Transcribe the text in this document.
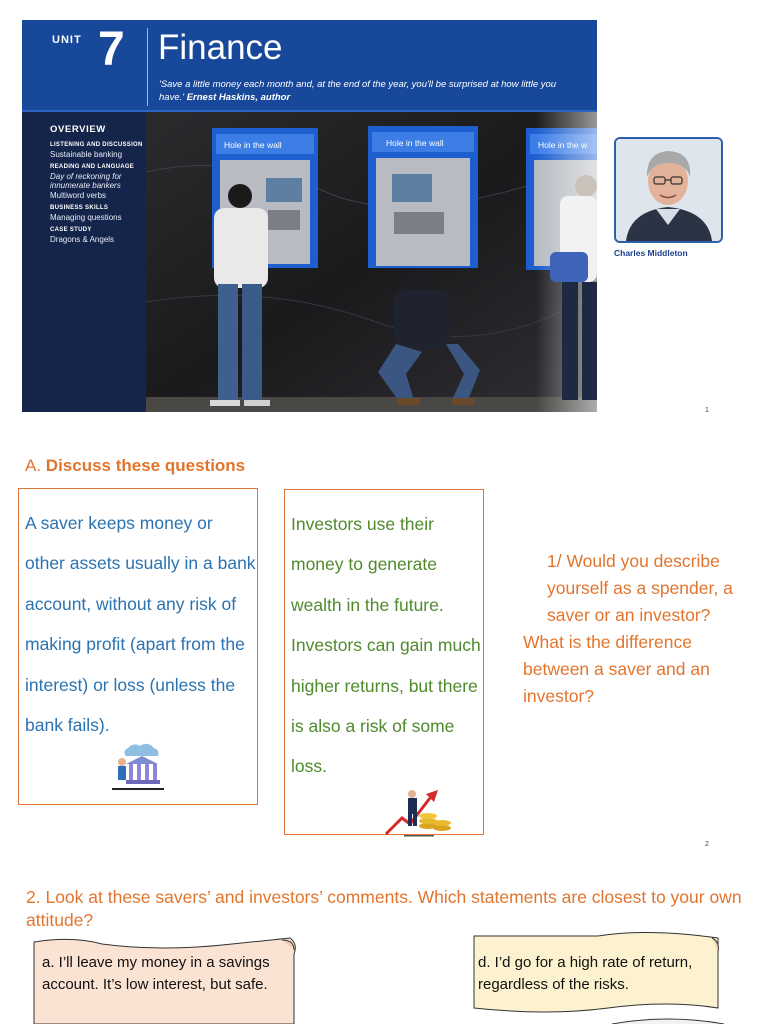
UNIT 7 Finance
'Save a little money each month and, at the end of the year, you'll be surprised at how little you have.' Ernest Haskins, author
OVERVIEW
LISTENING AND DISCUSSION
Sustainable banking
READING AND LANGUAGE
Day of reckoning for innumerate bankers
Multiword verbs
BUSINESS SKILLS
Managing questions
CASE STUDY
Dragons & Angels
Hole in the wall	Hole in the wall
1
Charles Middleton
A. Discuss these questions

A saver keeps money or other assets usually in a bank account, without any risk of making profit (apart from the interest) or loss (unless the bank fails).

Investors use their money to generate wealth in the future. Investors can gain much higher returns, but there is also a risk of some loss.

1/ Would you describe yourself as a spender, a saver or an investor?
What is the difference between a saver and an investor?
2
2. Look at these savers’ and investors’ comments. Which statements are closest to your own attitude?
a. I’ll leave my money in a savings account. It’s low interest, but safe.
d. I’d go for a high rate of return, regardless of the risks.
